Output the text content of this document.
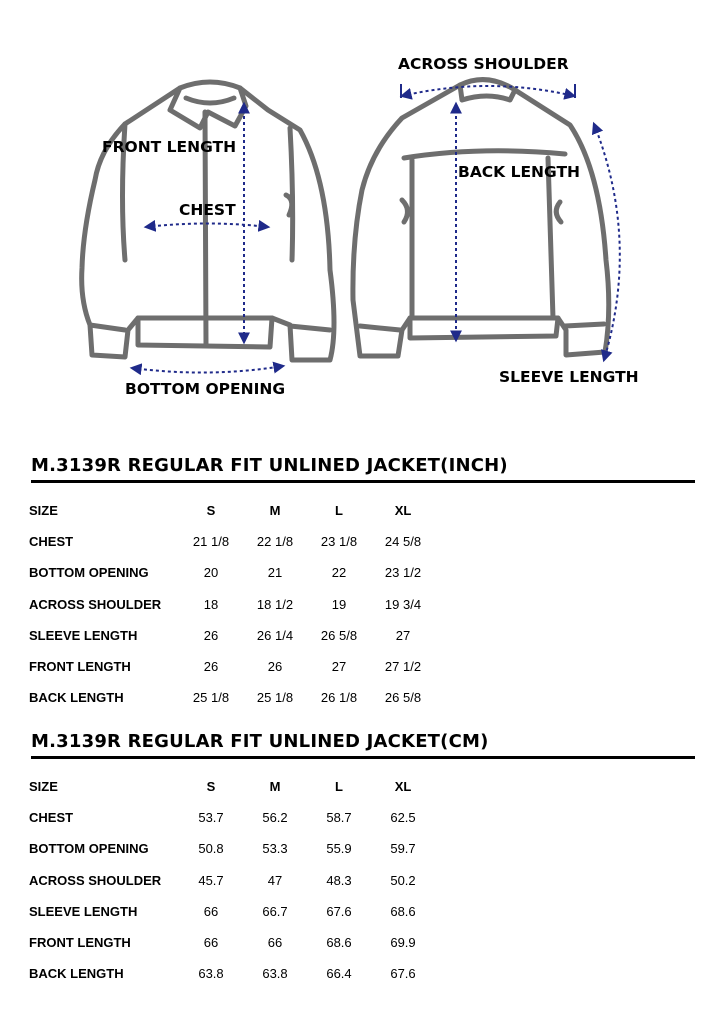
FRONT LENGTH
CHEST
BOTTOM OPENING
ACROSS SHOULDER
BACK LENGTH
SLEEVE LENGTH
M.3139R REGULAR FIT UNLINED JACKET(INCH)
SIZE	S	M	L	XL
CHEST	21 1/8	22 1/8	23 1/8	24 5/8
BOTTOM OPENING	20	21	22	23 1/2
ACROSS SHOULDER	18	18 1/2	19	19 3/4
SLEEVE LENGTH	26	26 1/4	26 5/8	27
FRONT LENGTH	26	26	27	27 1/2
BACK LENGTH	25 1/8	25 1/8	26 1/8	26 5/8
M.3139R REGULAR FIT UNLINED JACKET(CM)
SIZE	S	M	L	XL
CHEST	53.7	56.2	58.7	62.5
BOTTOM OPENING	50.8	53.3	55.9	59.7
ACROSS SHOULDER	45.7	47	48.3	50.2
SLEEVE LENGTH	66	66.7	67.6	68.6
FRONT LENGTH	66	66	68.6	69.9
BACK LENGTH	63.8	63.8	66.4	67.6
